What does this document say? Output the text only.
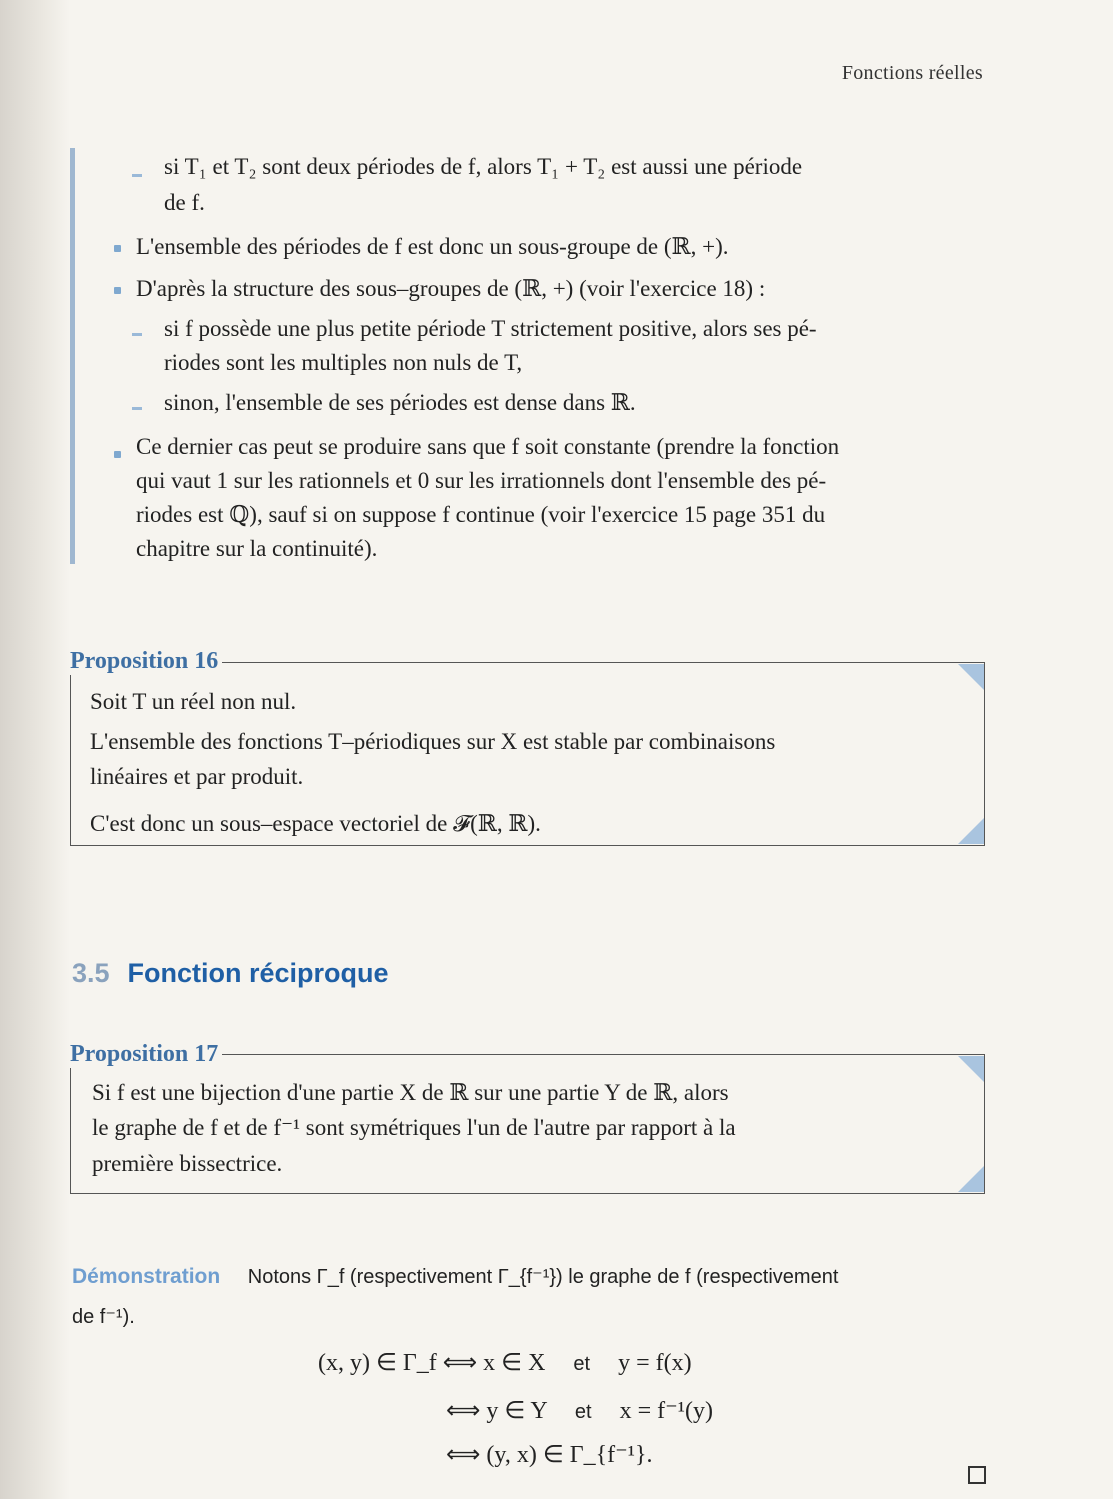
Fonctions réelles
si T₁ et T₂ sont deux périodes de f, alors T₁ + T₂ est aussi une période
de f.
L'ensemble des périodes de f est donc un sous-groupe de (ℝ, +).
D'après la structure des sous–groupes de (ℝ, +) (voir l'exercice 18) :
si f possède une plus petite période T strictement positive, alors ses pé-
riodes sont les multiples non nuls de T,
sinon, l'ensemble de ses périodes est dense dans ℝ.
Ce dernier cas peut se produire sans que f soit constante (prendre la fonction
qui vaut 1 sur les rationnels et 0 sur les irrationnels dont l'ensemble des pé-
riodes est ℚ), sauf si on suppose f continue (voir l'exercice 15 page 351 du
chapitre sur la continuité).
Proposition 16
Soit T un réel non nul.
L'ensemble des fonctions T–périodiques sur X est stable par combinaisons
linéaires et par produit.
C'est donc un sous–espace vectoriel de 𝓕(ℝ, ℝ).
3.5 Fonction réciproque
Proposition 17
Si f est une bijection d'une partie X de ℝ sur une partie Y de ℝ, alors
le graphe de f et de f⁻¹ sont symétriques l'un de l'autre par rapport à la
première bissectrice.
Démonstration Notons Γ_f (respectivement Γ_{f⁻¹}) le graphe de f (respectivement
de f⁻¹).
(x, y) ∈ Γ_f ⟺ x ∈ X et y = f(x)
⟺ y ∈ Y et x = f⁻¹(y)
⟺ (y, x) ∈ Γ_{f⁻¹}.
